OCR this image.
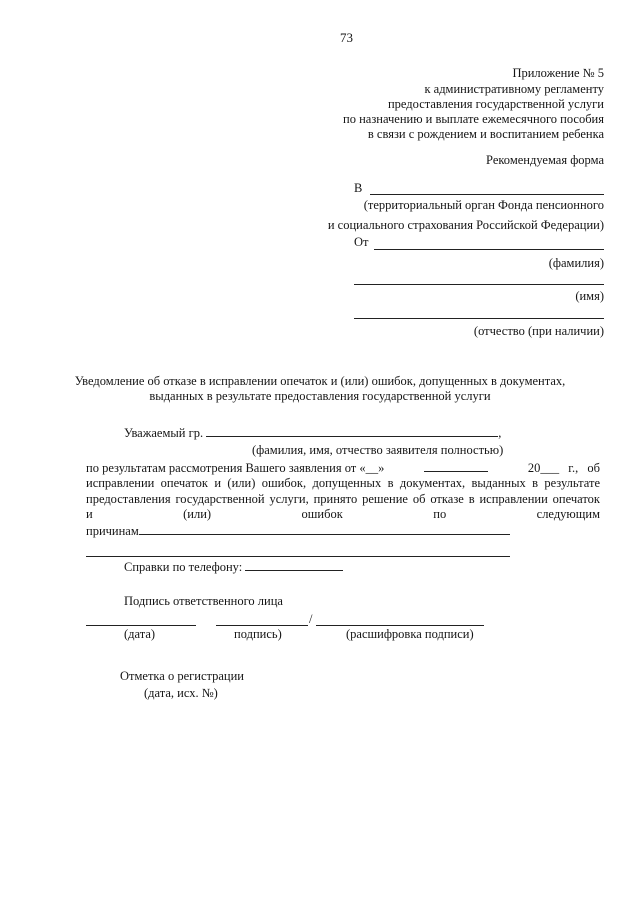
73
Приложение № 5
к административному регламенту
предоставления государственной услуги
по назначению и выплате ежемесячного пособия
в связи с рождением и воспитанием ребенка
Рекомендуемая форма
В
(территориальный орган Фонда пенсионного
и социального страхования Российской Федерации)
От
(фамилия)
(имя)
(отчество (при наличии)
Уведомление об отказе в исправлении опечаток и (или) ошибок, допущенных в документах,
выданных в результате предоставления государственной услуги
Уважаемый гр.	,
(фамилия, имя, отчество заявителя полностью)
по результатам рассмотрения Вашего заявления от «__»	20___ г., об
исправлении опечаток и (или) ошибок, допущенных в документах, выданных в результате
предоставления государственной услуги, принято решение об отказе в исправлении опечаток
и (или) ошибок по следующим
причинам
Справки по телефону:
Подпись ответственного лица
/
(дата)	подпись)	(расшифровка подписи)
Отметка о регистрации
(дата, исх. №)
